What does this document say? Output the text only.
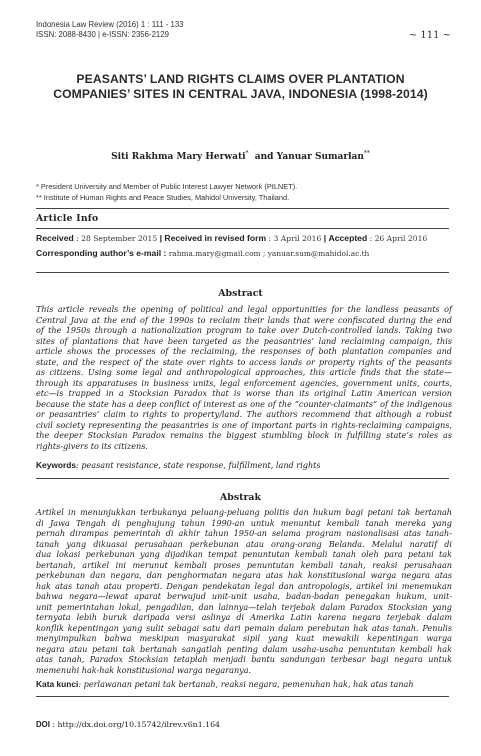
Indonesia Law Review (2016) 1 : 111 - 133
ISSN: 2088-8430 | e-ISSN: 2356-2129	~ 111 ~
PEASANTS’ LAND RIGHTS CLAIMS OVER PLANTATION
COMPANIES’ SITES IN CENTRAL JAVA, INDONESIA (1998-2014)
Siti Rakhma Mary Herwati* and Yanuar Sumarlan**
* President University and Member of Public Interest Lawyer Network (PILNET).
** Institute of Human Rights and Peace Studies, Mahidol University, Thailand.
Article Info
Received : 28 September 2015 | Received in revised form : 3 April 2016 | Accepted : 26 April 2016
Corresponding author’s e-mail : rahma.mary@gmail.com ; yanuar.sum@mahidol.ac.th
Abstract
This article reveals the opening of political and legal opportunities for the landless peasants of
Central Java at the end of the 1990s to reclaim their lands that were confiscated during the end
of the 1950s through a nationalization program to take over Dutch-controlled lands. Taking two
sites of plantations that have been targeted as the peasantries’ land reclaiming campaign, this
article shows the processes of the reclaiming, the responses of both plantation companies and
state, and the respect of the state over rights to access lands or property rights of the peasants
as citizens. Using some legal and anthropological approaches, this article finds that the state—
through its apparatuses in business units, legal enforcement agencies, government units, courts,
etc—is trapped in a Stocksian Paradox that is worse than its original Latin American version
because the state has a deep conflict of interest as one of the “counter-claimants” of the indigenous
or peasantries’ claim to rights to property/land. The authors recommend that although a robust
civil society representing the peasantries is one of important parts in rights-reclaiming campaigns,
the deeper Stocksian Paradox remains the biggest stumbling block in fulfilling state’s roles as
rights-givers to its citizens.
Keywords: peasant resistance, state response, fulfillment, land rights
Abstrak
Artikel in menunjukkan terbukanya peluang-peluang politis dan hukum bagi petani tak bertanah
di Jawa Tengah di penghujung tahun 1990-an untuk menuntut kembali tanah mereka yang
pernah dirampas pemerintah di akhir tahun 1950-an selama program nasionalisasi atas tanah-
tanah yang dikuasai perusahaan perkebunan atau orang-orang Belanda. Melalui naratif di
dua lokasi perkebunan yang dijadikan tempat penuntutan kembali tanah oleh para petani tak
bertanah, artikel ini merunut kembali proses penuntutan kembali tanah, reaksi perusahaan
perkebunan dan negara, dan penghormatan negara atas hak konstitusional warga negara atas
hak atas tanah atau properti. Dengan pendekatan legal dan antropologis, artikel ini menemukan
bahwa negara—lewat aparat berwujud unit-unit usaha, badan-badan penegakan hukum, unit-
unit pemerintahan lokal, pengadilan, dan lainnya—telah terjebak dalam Paradox Stocksian yang
ternyata lebih buruk daripada versi aslinya di Amerika Latin karena negara terjebak dalam
konflik kepentingan yang sulit sebagai satu dari pemain dalam perebutan hak atas tanah. Penulis
menyimpulkan bahwa meskipun masyarakat sipil yang kuat mewakili kepentingan warga
negara atau petani tak bertanah sangatlah penting dalam usaha-usaha penuntutan kembali hak
atas tanah, Paradox Stocksian tetaplah menjadi bantu sandungan terbesar bagi negara untuk
memenuhi hak-hak konstitusional warga negaranya.
Kata kunci: perlawanan petani tak bertanah, reaksi negara, pemenuhan hak, hak atas tanah
DOI : http://dx.doi.org/10.15742/ilrev.v6n1.164
